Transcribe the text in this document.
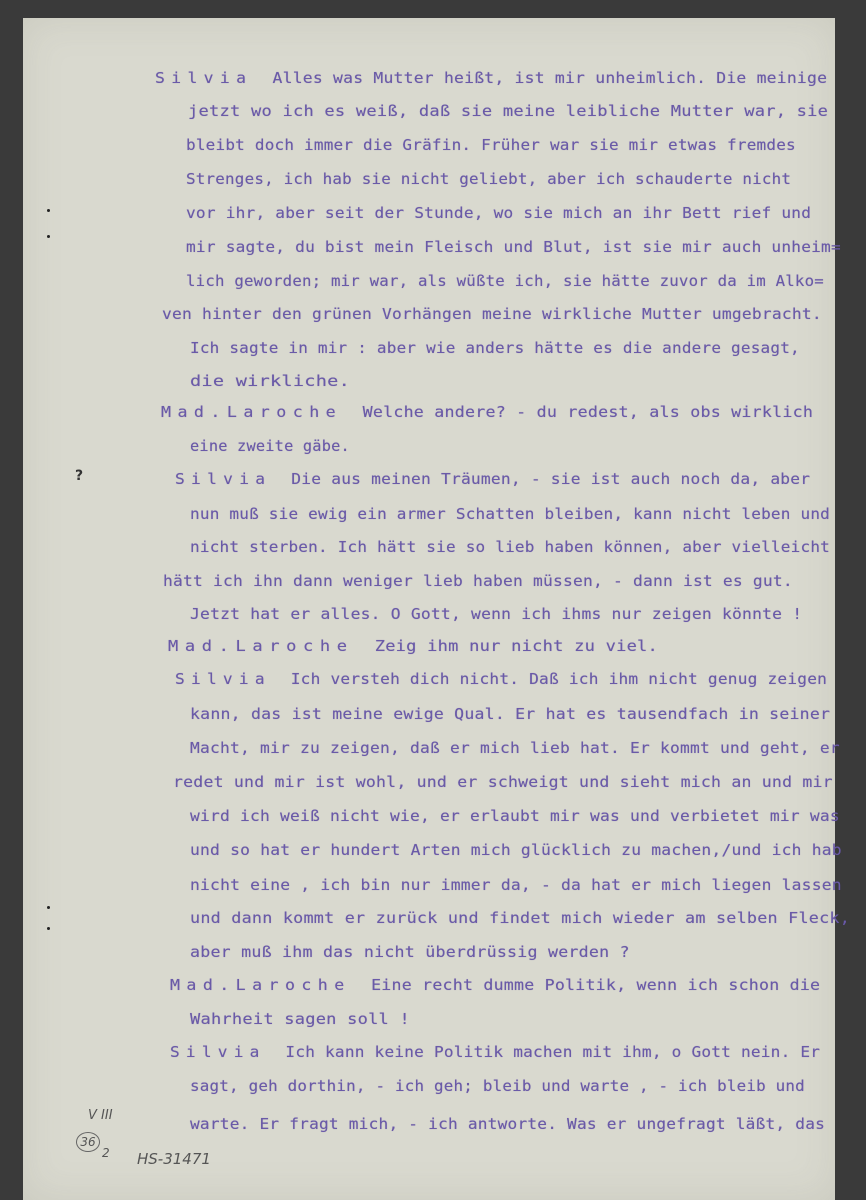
?
Silvia Alles was Mutter heißt, ist mir unheimlich. Die meinige
jetzt wo ich es weiß, daß sie meine leibliche Mutter war, sie
bleibt doch immer die Gräfin. Früher war sie mir etwas fremdes
Strenges, ich hab sie nicht geliebt, aber ich schauderte nicht
vor ihr, aber seit der Stunde, wo sie mich an ihr Bett rief und
mir sagte, du bist mein Fleisch und Blut, ist sie mir auch unheim=
lich geworden; mir war, als wüßte ich, sie hätte zuvor da im Alko=
ven hinter den grünen Vorhängen meine wirkliche Mutter umgebracht.
Ich sagte in mir : aber wie anders hätte es die andere gesagt,
die wirkliche.
Mad.Laroche Welche andere? - du redest, als obs wirklich
eine zweite gäbe.
Silvia Die aus meinen Träumen, - sie ist auch noch da, aber
nun muß sie ewig ein armer Schatten bleiben, kann nicht leben und
nicht sterben. Ich hätt sie so lieb haben können, aber vielleicht
hätt ich ihn dann weniger lieb haben müssen, - dann ist es gut.
Jetzt hat er alles. O Gott, wenn ich ihms nur zeigen könnte !
Mad.Laroche Zeig ihm nur nicht zu viel.
Silvia Ich versteh dich nicht. Daß ich ihm nicht genug zeigen
kann, das ist meine ewige Qual. Er hat es tausendfach in seiner
Macht, mir zu zeigen, daß er mich lieb hat. Er kommt und geht, er
redet und mir ist wohl, und er schweigt und sieht mich an und mir
wird ich weiß nicht wie, er erlaubt mir was und verbietet mir was
und so hat er hundert Arten mich glücklich zu machen,/und ich hab
nicht eine , ich bin nur immer da, - da hat er mich liegen lassen
und dann kommt er zurück und findet mich wieder am selben Fleck,
aber muß ihm das nicht überdrüssig werden ?
Mad.Laroche Eine recht dumme Politik, wenn ich schon die
Wahrheit sagen soll !
Silvia Ich kann keine Politik machen mit ihm, o Gott nein. Er
sagt, geh dorthin, - ich geh; bleib und warte , - ich bleib und
warte. Er fragt mich, - ich antworte. Was er ungefragt läßt, das
V III
36
2 HS-31471
